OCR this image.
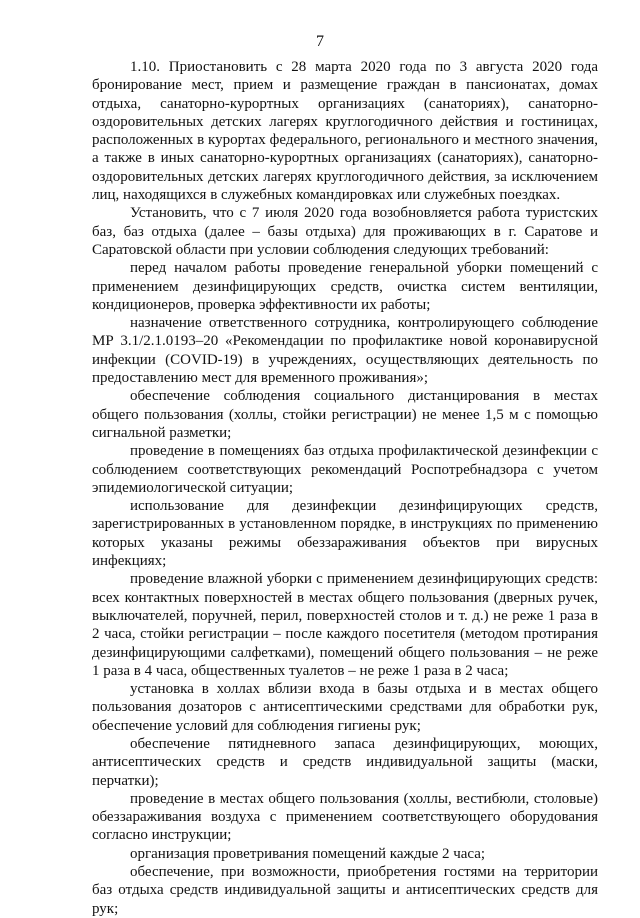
7

1.10. Приостановить с 28 марта 2020 года по 3 августа 2020 года бронирование мест, прием и размещение граждан в пансионатах, домах отдыха, санаторно-курортных организациях (санаториях), санаторно-оздоровительных детских лагерях круглогодичного действия и гостиницах, расположенных в курортах федерального, регионального и местного значения, а также в иных санаторно-курортных организациях (санаториях), санаторно-оздоровительных детских лагерях круглогодичного действия, за исключением лиц, находящихся в служебных командировках или служебных поездках.

Установить, что с 7 июля 2020 года возобновляется работа туристских баз, баз отдыха (далее – базы отдыха) для проживающих в г. Саратове и Саратовской области при условии соблюдения следующих требований:

перед началом работы проведение генеральной уборки помещений с применением дезинфицирующих средств, очистка систем вентиляции, кондиционеров, проверка эффективности их работы;

назначение ответственного сотрудника, контролирующего соблюдение МР 3.1/2.1.0193–20 «Рекомендации по профилактике новой коронавирусной инфекции (COVID-19) в учреждениях, осуществляющих деятельность по предоставлению мест для временного проживания»;

обеспечение соблюдения социального дистанцирования в местах общего пользования (холлы, стойки регистрации) не менее 1,5 м с помощью сигнальной разметки;

проведение в помещениях баз отдыха профилактической дезинфекции с соблюдением соответствующих рекомендаций Роспотребнадзора с учетом эпидемиологической ситуации;

использование для дезинфекции дезинфицирующих средств, зарегистрированных в установленном порядке, в инструкциях по применению которых указаны режимы обеззараживания объектов при вирусных инфекциях;

проведение влажной уборки с применением дезинфицирующих средств: всех контактных поверхностей в местах общего пользования (дверных ручек, выключателей, поручней, перил, поверхностей столов и т. д.) не реже 1 раза в 2 часа, стойки регистрации – после каждого посетителя (методом протирания дезинфицирующими салфетками), помещений общего пользования – не реже 1 раза в 4 часа, общественных туалетов – не реже 1 раза в 2 часа;

установка в холлах вблизи входа в базы отдыха и в местах общего пользования дозаторов с антисептическими средствами для обработки рук, обеспечение условий для соблюдения гигиены рук;

обеспечение пятидневного запаса дезинфицирующих, моющих, антисептических средств и средств индивидуальной защиты (маски, перчатки);

проведение в местах общего пользования (холлы, вестибюли, столовые) обеззараживания воздуха с применением соответствующего оборудования согласно инструкции;

организация проветривания помещений каждые 2 часа;

обеспечение, при возможности, приобретения гостями на территории баз отдыха средств индивидуальной защиты и антисептических средств для рук;
